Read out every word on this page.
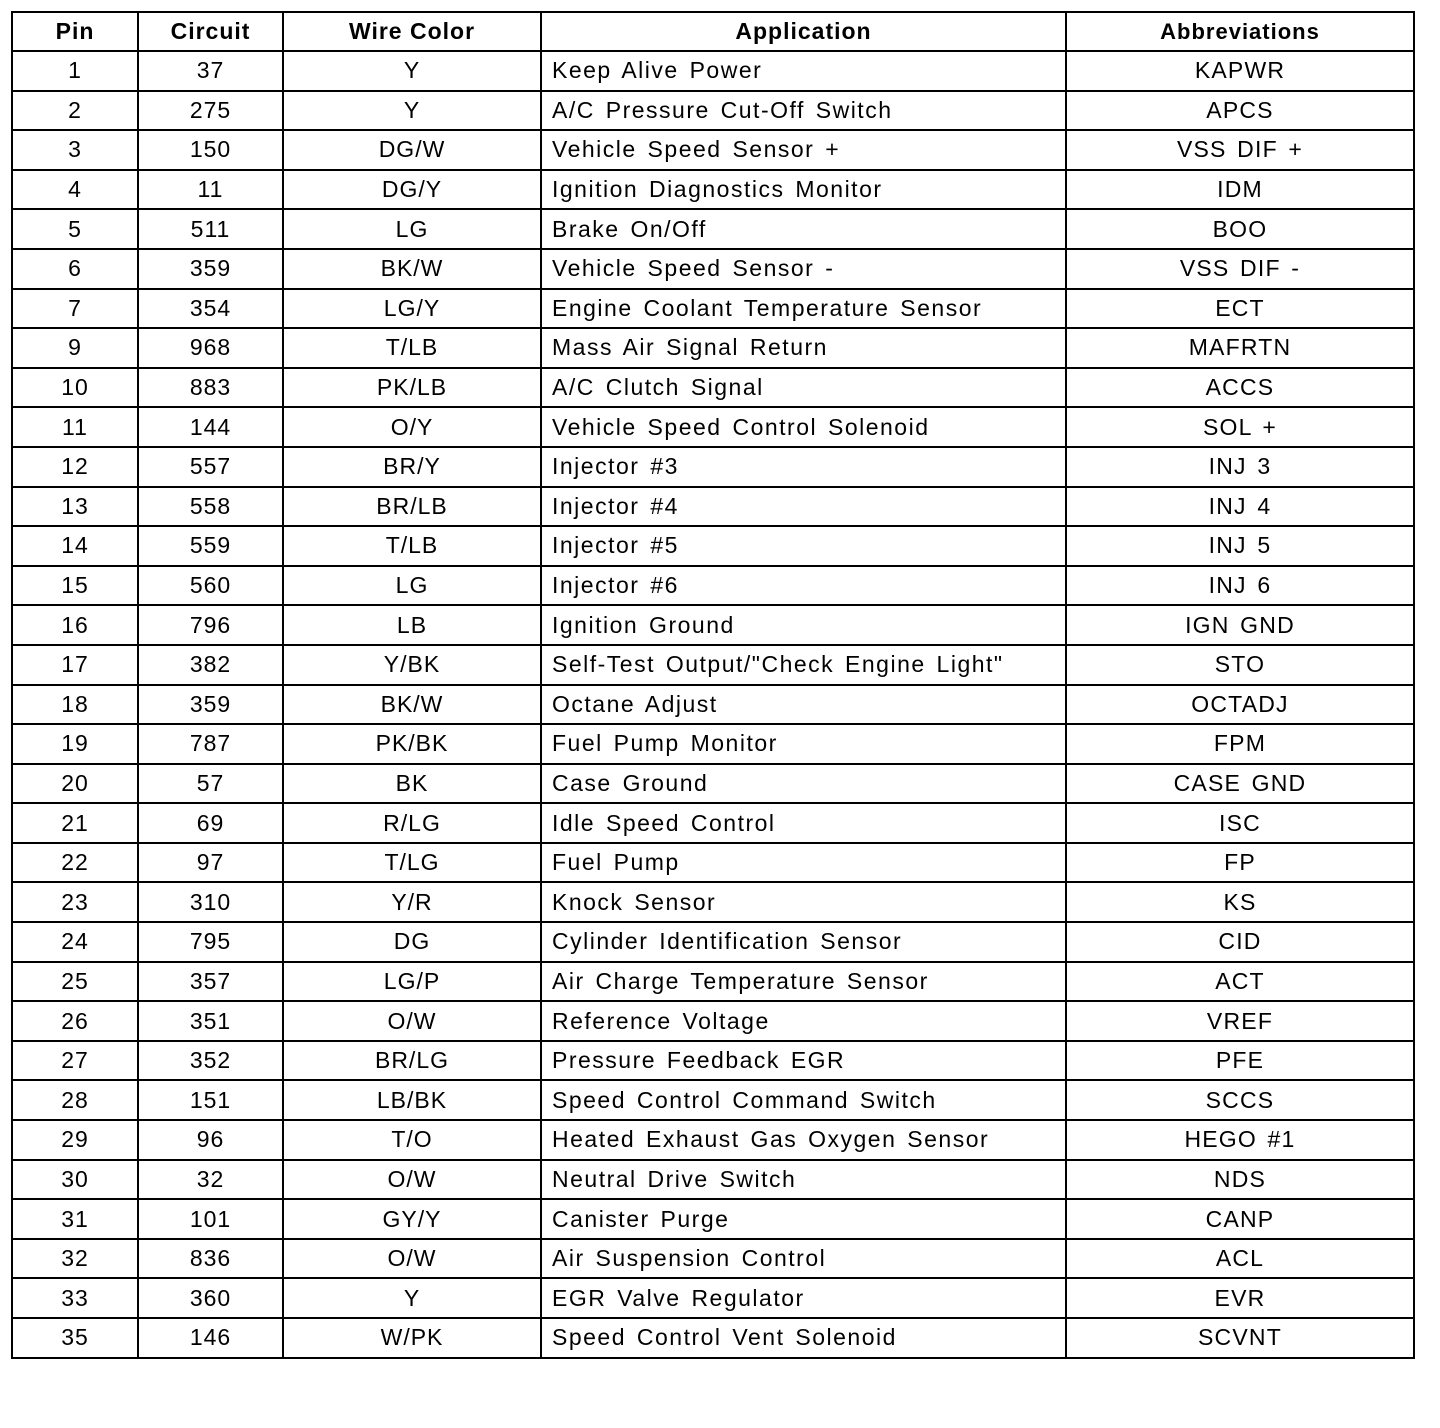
Pin	Circuit	Wire Color	Application	Abbreviations
1	37	Y	Keep Alive Power	KAPWR
2	275	Y	A/C Pressure Cut-Off Switch	APCS
3	150	DG/W	Vehicle Speed Sensor +	VSS DIF +
4	11	DG/Y	Ignition Diagnostics Monitor	IDM
5	511	LG	Brake On/Off	BOO
6	359	BK/W	Vehicle Speed Sensor -	VSS DIF -
7	354	LG/Y	Engine Coolant Temperature Sensor	ECT
9	968	T/LB	Mass Air Signal Return	MAFRTN
10	883	PK/LB	A/C Clutch Signal	ACCS
11	144	O/Y	Vehicle Speed Control Solenoid	SOL +
12	557	BR/Y	Injector #3	INJ 3
13	558	BR/LB	Injector #4	INJ 4
14	559	T/LB	Injector #5	INJ 5
15	560	LG	Injector #6	INJ 6
16	796	LB	Ignition Ground	IGN GND
17	382	Y/BK	Self-Test Output/"Check Engine Light"	STO
18	359	BK/W	Octane Adjust	OCTADJ
19	787	PK/BK	Fuel Pump Monitor	FPM
20	57	BK	Case Ground	CASE GND
21	69	R/LG	Idle Speed Control	ISC
22	97	T/LG	Fuel Pump	FP
23	310	Y/R	Knock Sensor	KS
24	795	DG	Cylinder Identification Sensor	CID
25	357	LG/P	Air Charge Temperature Sensor	ACT
26	351	O/W	Reference Voltage	VREF
27	352	BR/LG	Pressure Feedback EGR	PFE
28	151	LB/BK	Speed Control Command Switch	SCCS
29	96	T/O	Heated Exhaust Gas Oxygen Sensor	HEGO #1
30	32	O/W	Neutral Drive Switch	NDS
31	101	GY/Y	Canister Purge	CANP
32	836	O/W	Air Suspension Control	ACL
33	360	Y	EGR Valve Regulator	EVR
35	146	W/PK	Speed Control Vent Solenoid	SCVNT
